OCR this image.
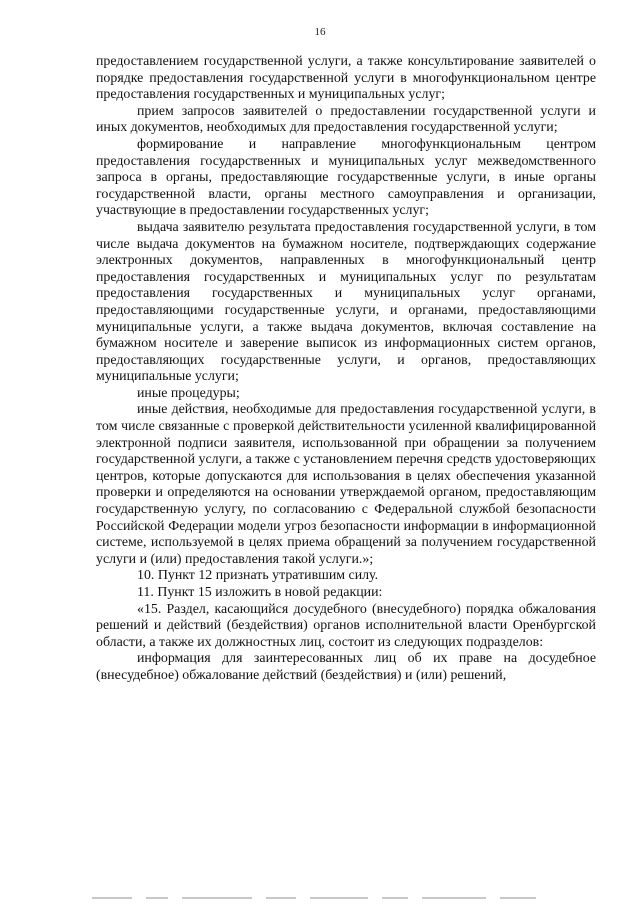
16

предоставлением государственной услуги, а также консультирование заявителей о порядке предоставления государственной услуги в многофункциональном центре предоставления государственных и муниципальных услуг;

прием запросов заявителей о предоставлении государственной услуги и иных документов, необходимых для предоставления государственной услуги;

формирование и направление многофункциональным центром предоставления государственных и муниципальных услуг межведомственного запроса в органы, предоставляющие государственные услуги, в иные органы государственной власти, органы местного самоуправления и организации, участвующие в предоставлении государственных услуг;

выдача заявителю результата предоставления государственной услуги, в том числе выдача документов на бумажном носителе, подтверждающих содержание электронных документов, направленных в многофункциональный центр предоставления государственных и муниципальных услуг по результатам предоставления государственных и муниципальных услуг органами, предоставляющими государственные услуги, и органами, предоставляющими муниципальные услуги, а также выдача документов, включая составление на бумажном носителе и заверение выписок из информационных систем органов, предоставляющих государственные услуги, и органов, предоставляющих муниципальные услуги;

иные процедуры;

иные действия, необходимые для предоставления государственной услуги, в том числе связанные с проверкой действительности усиленной квалифицированной электронной подписи заявителя, использованной при обращении за получением государственной услуги, а также с установлением перечня средств удостоверяющих центров, которые допускаются для использования в целях обеспечения указанной проверки и определяются на основании утверждаемой органом, предоставляющим государственную услугу, по согласованию с Федеральной службой безопасности Российской Федерации модели угроз безопасности информации в информационной системе, используемой в целях приема обращений за получением государственной услуги и (или) предоставления такой услуги.»;

10. Пункт 12 признать утратившим силу.

11. Пункт 15 изложить в новой редакции:

«15. Раздел, касающийся досудебного (внесудебного) порядка обжалования решений и действий (бездействия) органов исполнительной власти Оренбургской области, а также их должностных лиц, состоит из следующих подразделов:

информация для заинтересованных лиц об их праве на досудебное (внесудебное) обжалование действий (бездействия) и (или) решений,
